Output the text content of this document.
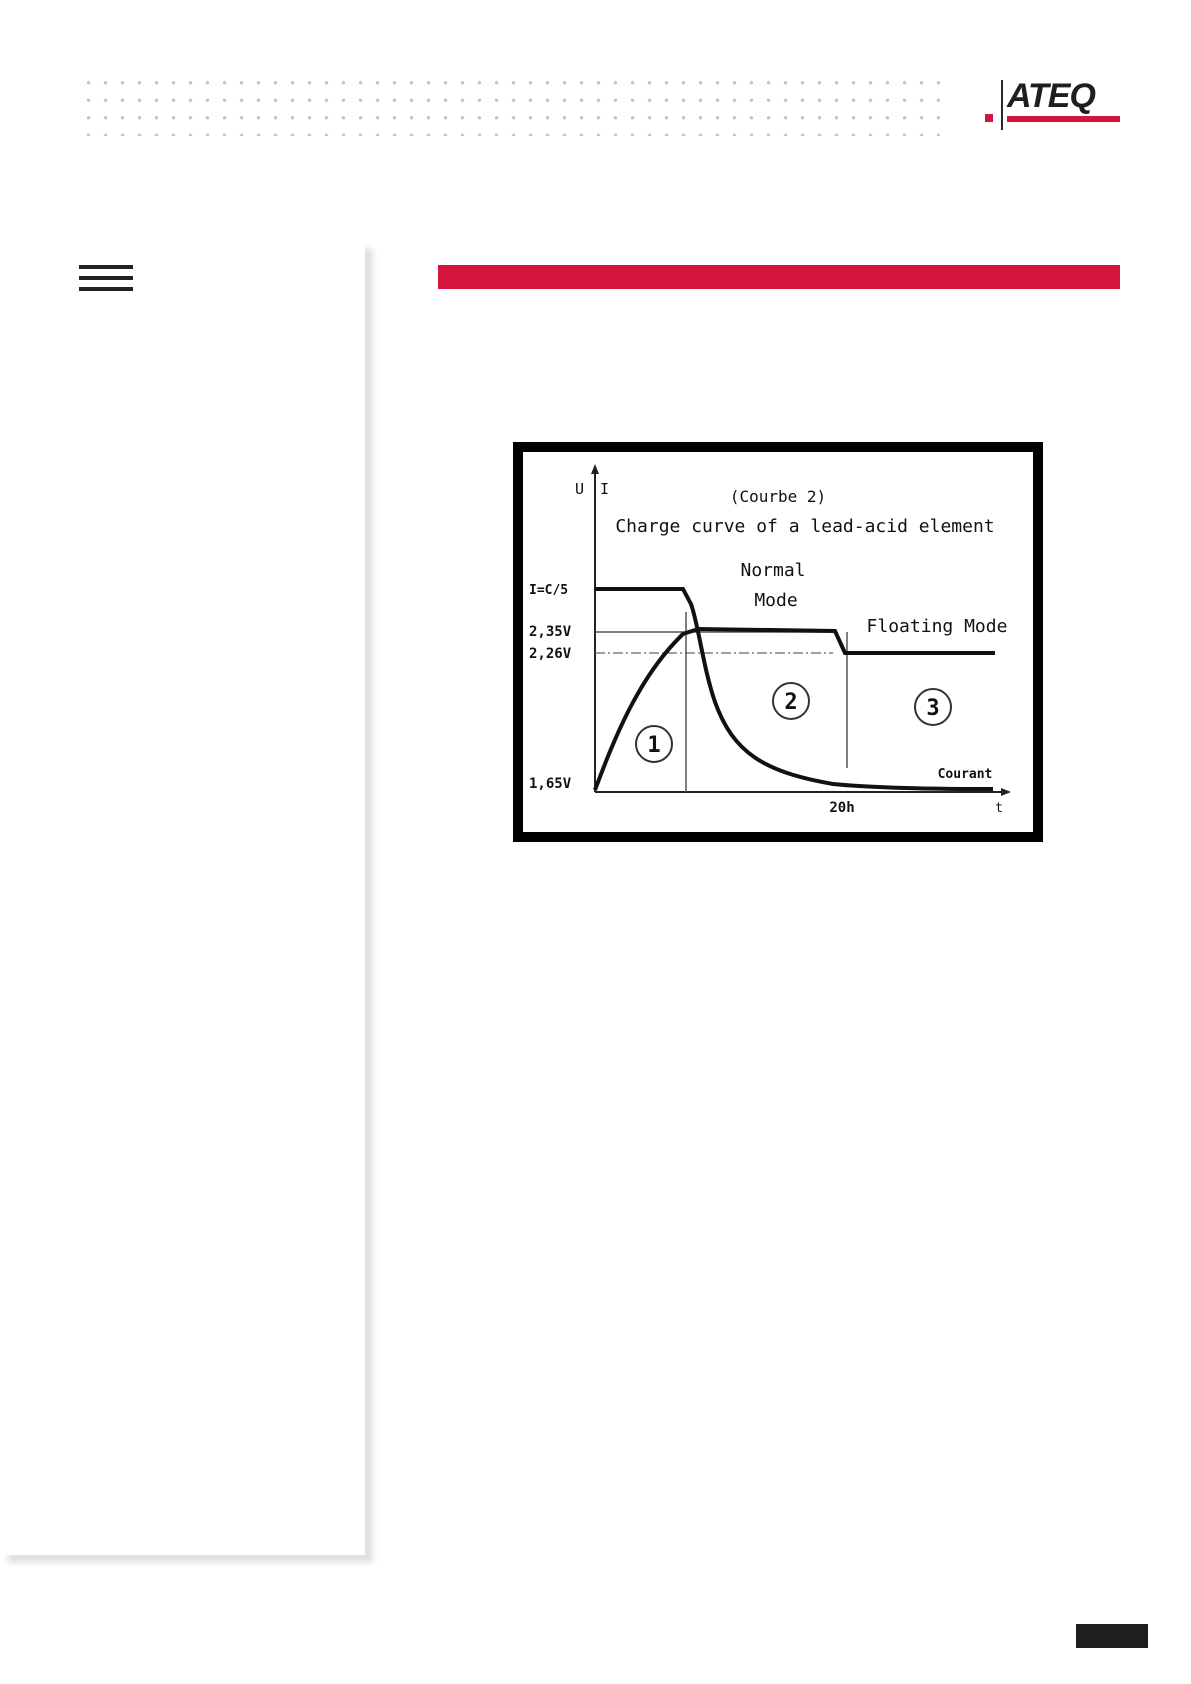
ATEQ
U I	(Courbe 2)
Charge curve of a lead-acid element
Normal
Mode
Floating Mode
I=C/5
2,35V
2,26V
1,65V
1
2	3
Courant
20h	t
